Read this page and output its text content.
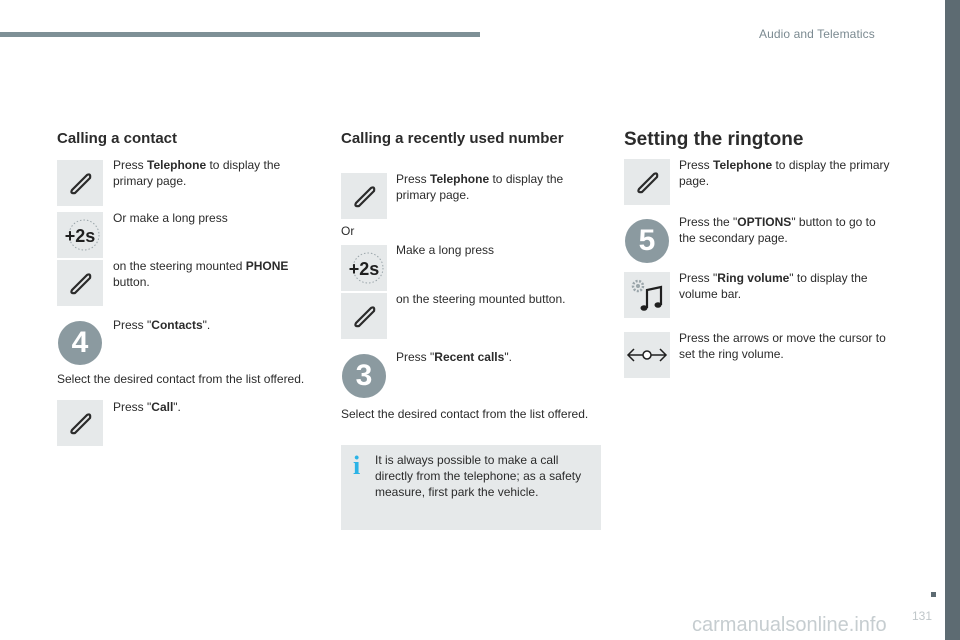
Audio and Telematics
Calling a contact
Press Telephone to display the primary page.
+2s
Or make a long press
on the steering mounted PHONE button.
4
Press "Contacts".
Select the desired contact from the list offered.
Press "Call".
Calling a recently used number
Press Telephone to display the primary page.
Or
+2s
Make a long press
on the steering mounted button.
3
Press "Recent calls".
Select the desired contact from the list offered.
i It is always possible to make a call directly from the telephone; as a safety measure, first park the vehicle.
Setting the ringtone
Press Telephone to display the primary page.
5
Press the "OPTIONS" button to go to the secondary page.
Press "Ring volume" to display the volume bar.
Press the arrows or move the cursor to set the ring volume.
131
carmanualsonline.info
